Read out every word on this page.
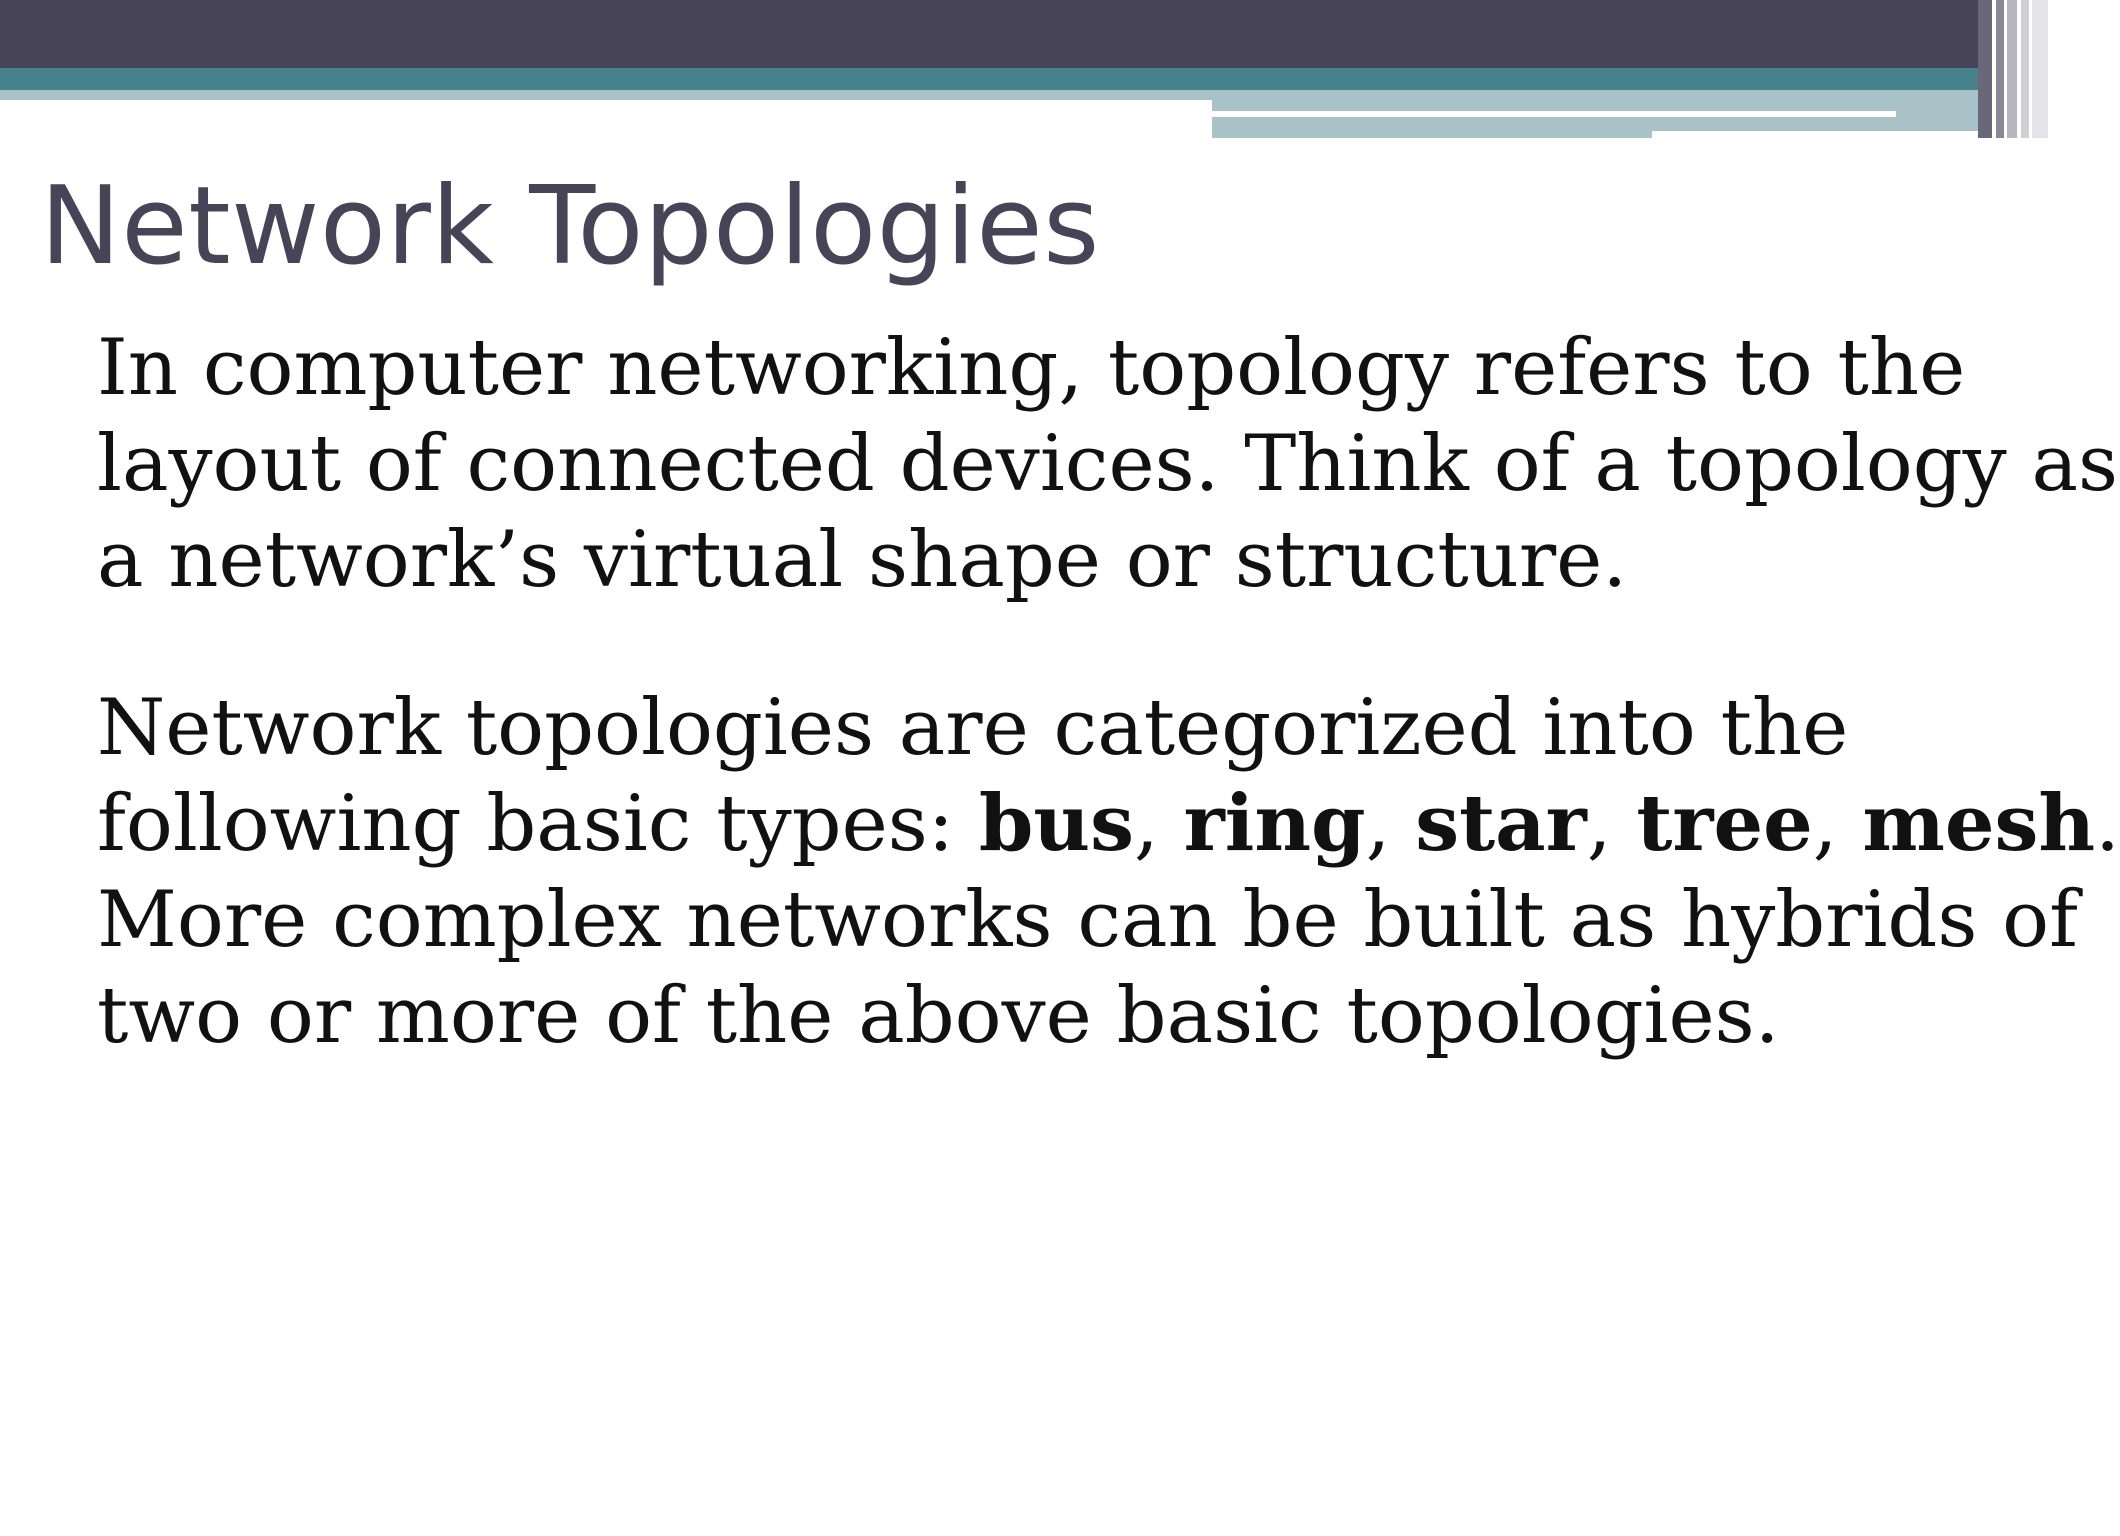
Network Topologies

In computer networking, topology refers to the
layout of connected devices. Think of a topology as
a network’s virtual shape or structure.

Network topologies are categorized into the
following basic types: bus, ring, star, tree, mesh.
More complex networks can be built as hybrids of
two or more of the above basic topologies.
